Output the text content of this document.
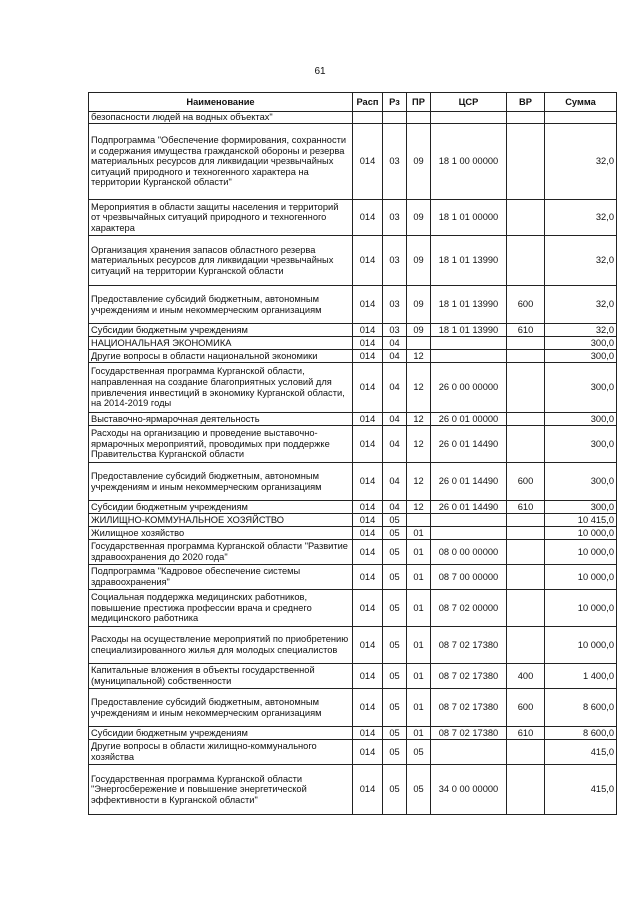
61
Наименование	Расп	Рз	ПР	ЦСР	ВР	Сумма
безопасности людей на водных объектах"						
Подпрограмма "Обеспечение формирования, сохранности и содержания имущества гражданской обороны и резерва материальных ресурсов для ликвидации чрезвычайных ситуаций природного и техногенного характера на территории Курганской области"	014	03	09	18 1 00 00000		32,0
Мероприятия в области защиты населения и территорий от чрезвычайных ситуаций природного и техногенного характера	014	03	09	18 1 01 00000		32,0
Организация хранения запасов областного резерва материальных ресурсов для ликвидации чрезвычайных ситуаций на территории Курганской области	014	03	09	18 1 01 13990		32,0
Предоставление субсидий бюджетным, автономным учреждениям и иным некоммерческим организациям	014	03	09	18 1 01 13990	600	32,0
Субсидии бюджетным учреждениям	014	03	09	18 1 01 13990	610	32,0
НАЦИОНАЛЬНАЯ ЭКОНОМИКА	014	04				300,0
Другие вопросы в области национальной экономики	014	04	12			300,0
Государственная программа Курганской области, направленная на создание благоприятных условий для привлечения инвестиций в экономику Курганской области, на 2014-2019 годы	014	04	12	26 0 00 00000		300,0
Выставочно-ярмарочная деятельность	014	04	12	26 0 01 00000		300,0
Расходы на организацию и проведение выставочно-ярмарочных мероприятий, проводимых при поддержке Правительства Курганской области	014	04	12	26 0 01 14490		300,0
Предоставление субсидий бюджетным, автономным учреждениям и иным некоммерческим организациям	014	04	12	26 0 01 14490	600	300,0
Субсидии бюджетным учреждениям	014	04	12	26 0 01 14490	610	300,0
ЖИЛИЩНО-КОММУНАЛЬНОЕ ХОЗЯЙСТВО	014	05				10 415,0
Жилищное хозяйство	014	05	01			10 000,0
Государственная программа Курганской области "Развитие здравоохранения до 2020 года"	014	05	01	08 0 00 00000		10 000,0
Подпрограмма "Кадровое обеспечение системы здравоохранения"	014	05	01	08 7 00 00000		10 000,0
Социальная поддержка медицинских работников, повышение престижа профессии врача и среднего медицинского работника	014	05	01	08 7 02 00000		10 000,0
Расходы на осуществление мероприятий по приобретению специализированного жилья для молодых специалистов	014	05	01	08 7 02 17380		10 000,0
Капитальные вложения в объекты государственной (муниципальной) собственности	014	05	01	08 7 02 17380	400	1 400,0
Предоставление субсидий бюджетным, автономным учреждениям и иным некоммерческим организациям	014	05	01	08 7 02 17380	600	8 600,0
Субсидии бюджетным учреждениям	014	05	01	08 7 02 17380	610	8 600,0
Другие вопросы в области жилищно-коммунального хозяйства	014	05	05			415,0
Государственная программа Курганской области "Энергосбережение и повышение энергетической эффективности в Курганской области"	014	05	05	34 0 00 00000		415,0
